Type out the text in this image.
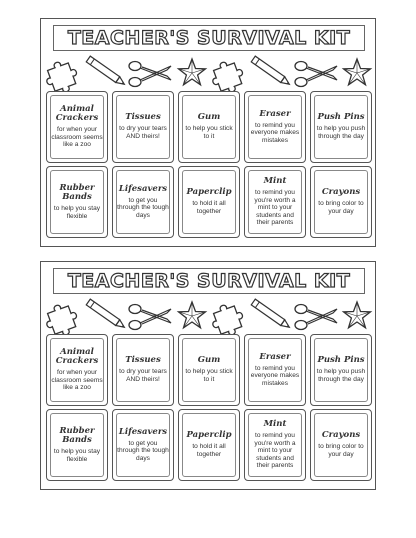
TEACHER'S SURVIVAL KIT
Animal Crackers
for when your classroom seems like a zoo
Tissues
to dry your tears AND theirs!
Gum
to help you stick to it
Eraser
to remind you everyone makes mistakes
Push Pins
to help you push through the day
Rubber Bands
to help you stay flexible
Lifesavers
to get you through the tough days
Paperclip
to hold it all together
Mint
to remind you you're worth a mint to your students and their parents
Crayons
to bring color to your day
TEACHER'S SURVIVAL KIT
Animal Crackers
for when your classroom seems like a zoo
Tissues
to dry your tears AND theirs!
Gum
to help you stick to it
Eraser
to remind you everyone makes mistakes
Push Pins
to help you push through the day
Rubber Bands
to help you stay flexible
Lifesavers
to get you through the tough days
Paperclip
to hold it all together
Mint
to remind you you're worth a mint to your students and their parents
Crayons
to bring color to your day
